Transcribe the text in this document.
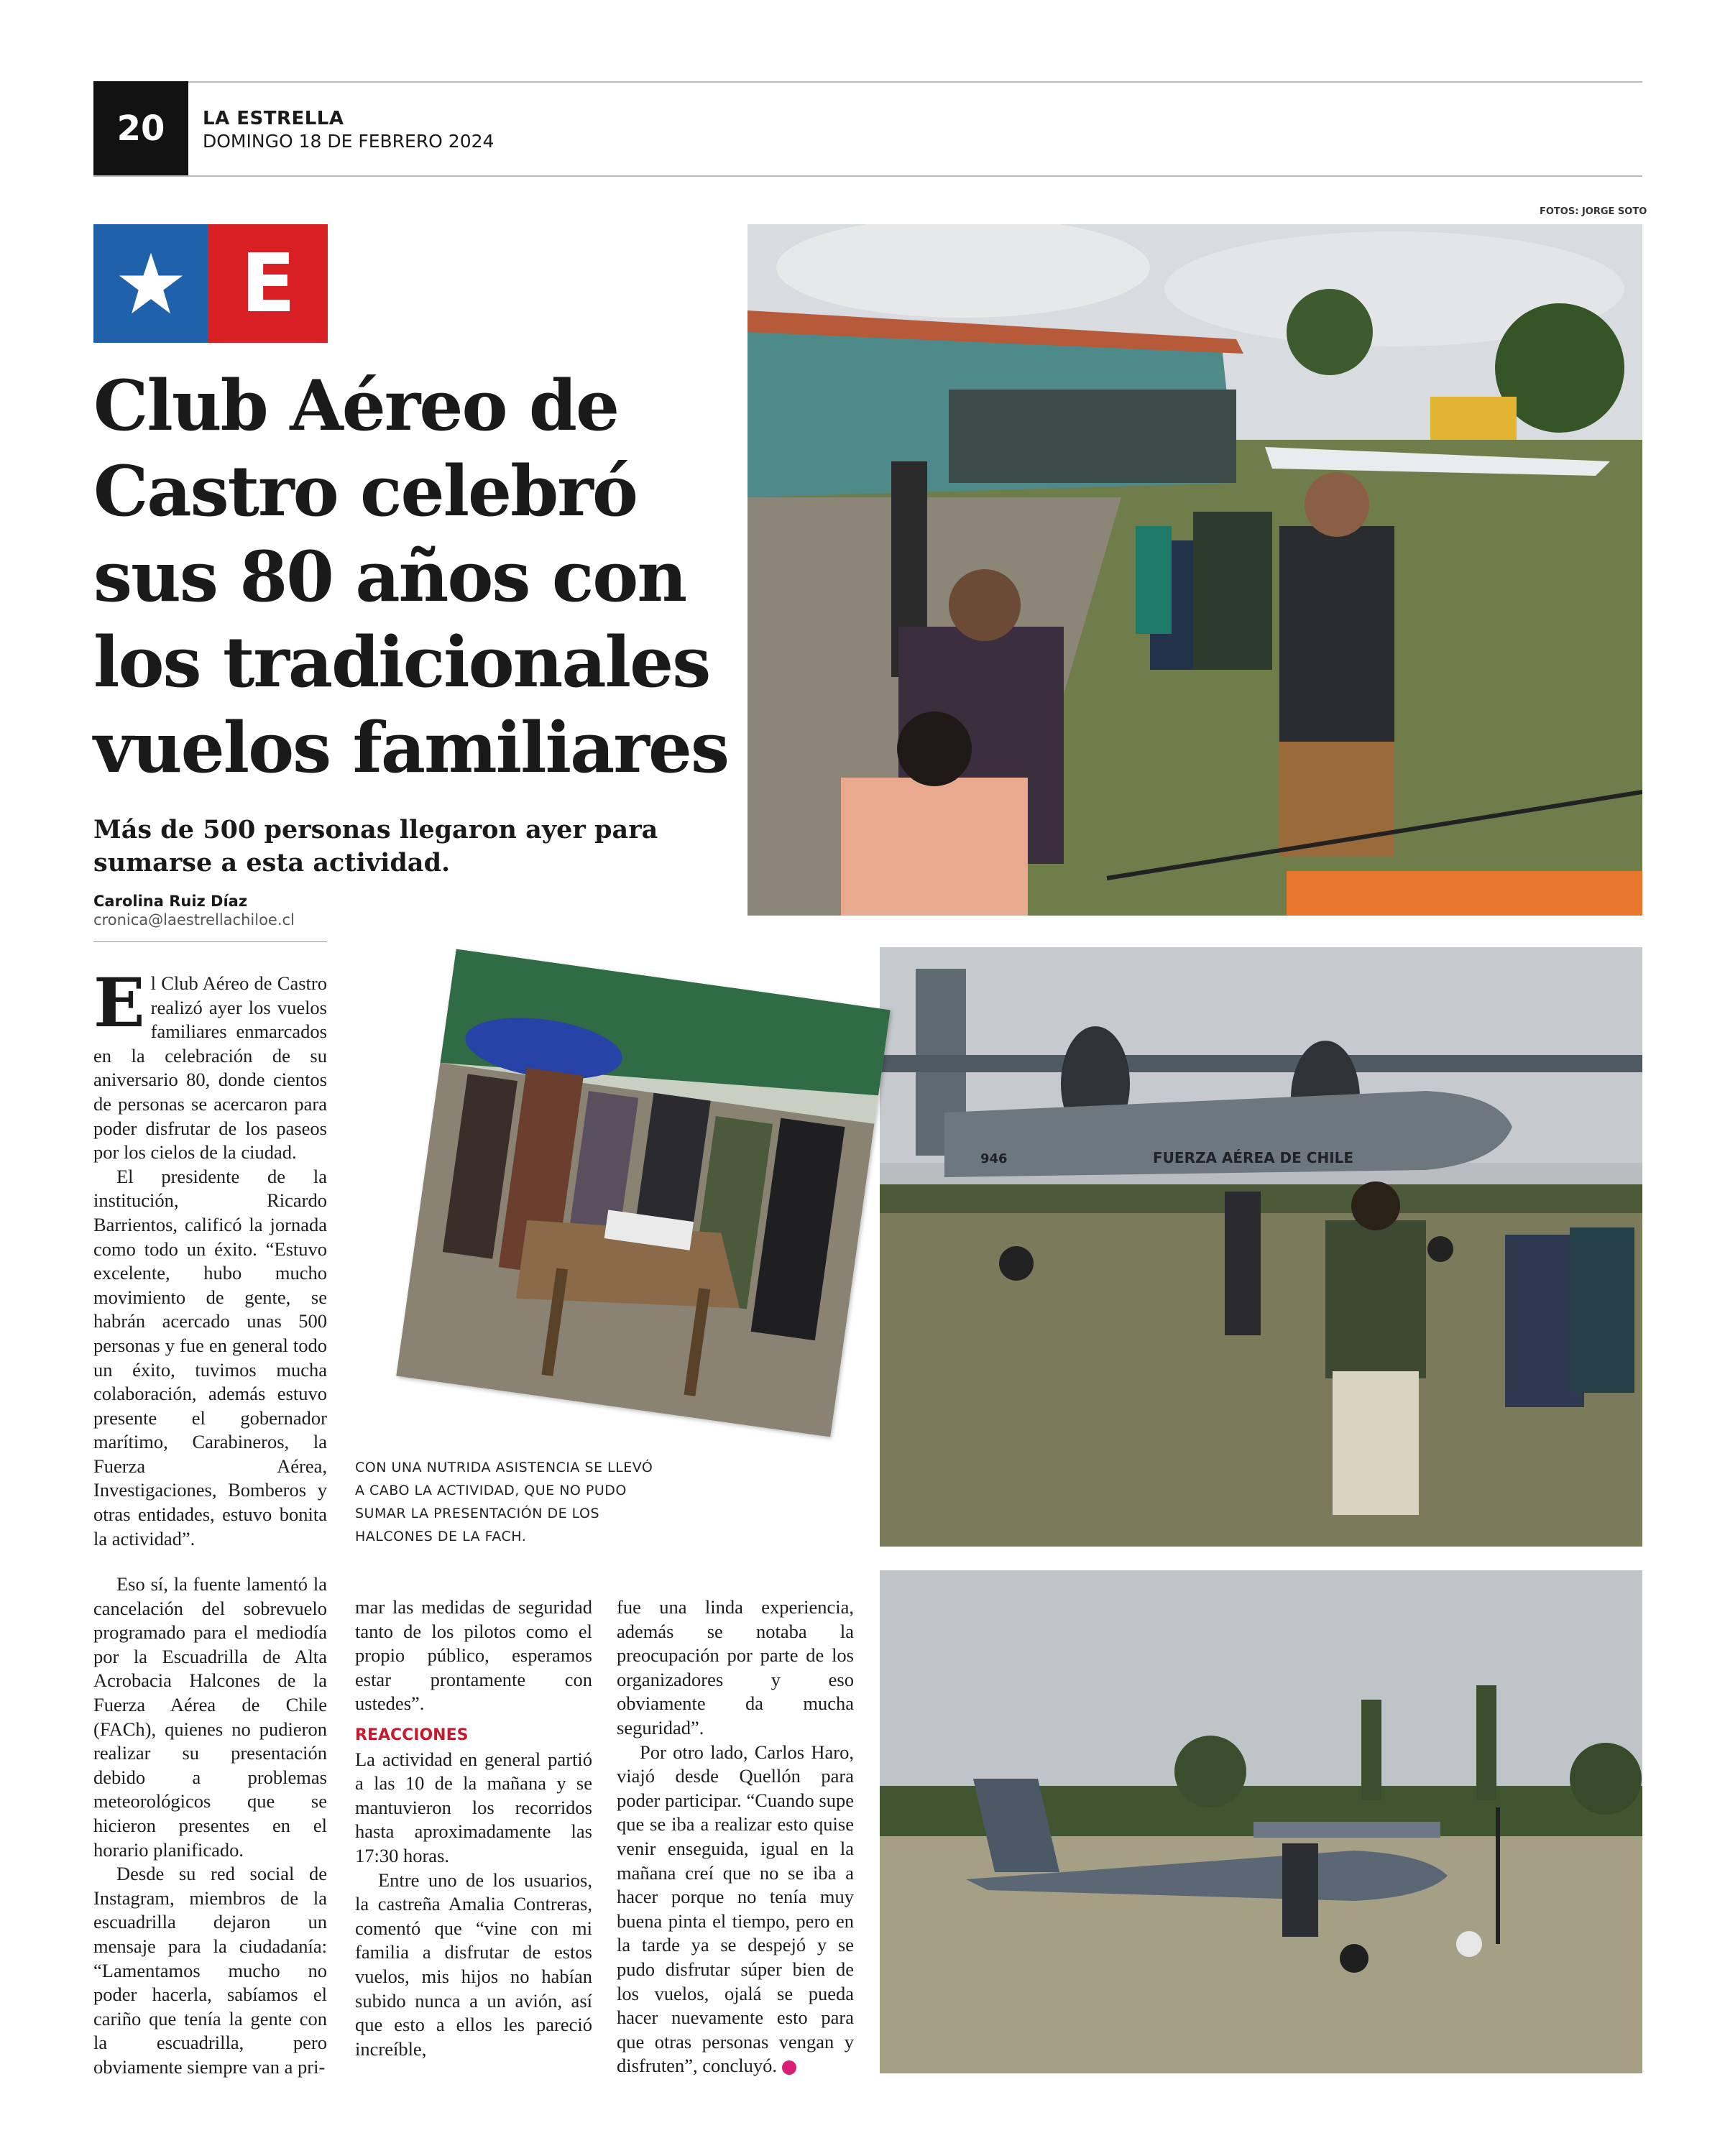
20	LA ESTRELLA
DOMINGO 18 DE FEBRERO 2024
E
Club Aéreo de Castro celebró sus 80 años con los tradicionales vuelos familiares
Más de 500 personas llegaron ayer para sumarse a esta actividad.
Carolina Ruiz Díaz
cronica@laestrellachiloe.cl

El Club Aéreo de Castro realizó ayer los vuelos familiares enmarcados en la celebración de su aniversario 80, donde cientos de personas se acercaron para poder disfrutar de los paseos por los cielos de la ciudad.

El presidente de la institución, Ricardo Barrientos, calificó la jornada como todo un éxito. “Estuvo excelente, hubo mucho movimiento de gente, se habrán acercado unas 500 personas y fue en general todo un éxito, tuvimos mucha colaboración, además estuvo presente el gobernador marítimo, Carabineros, la Fuerza Aérea, Investigaciones, Bomberos y otras entidades, estuvo bonita la actividad”.

Eso sí, la fuente lamentó la cancelación del sobrevuelo programado para el mediodía por la Escuadrilla de Alta Acrobacia Halcones de la Fuerza Aérea de Chile (FACh), quienes no pudieron realizar su presentación debido a problemas meteorológicos que se hicieron presentes en el horario planificado.

Desde su red social de Instagram, miembros de la escuadrilla dejaron un mensaje para la ciudadanía: “Lamentamos mucho no poder hacerla, sabíamos el cariño que tenía la gente con la escuadrilla, pero obviamente siempre van a pri-

mar las medidas de seguridad tanto de los pilotos como el propio público, esperamos estar prontamente con ustedes”.

REACCIONES

La actividad en general partió a las 10 de la mañana y se mantuvieron los recorridos hasta aproximadamente las 17:30 horas.

Entre uno de los usuarios, la castreña Amalia Contreras, comentó que “vine con mi familia a disfrutar de estos vuelos, mis hijos no habían subido nunca a un avión, así que esto a ellos les pareció increíble,

fue una linda experiencia, además se notaba la preocupación por parte de los organizadores y eso obviamente da mucha seguridad”.

Por otro lado, Carlos Haro, viajó desde Quellón para poder participar. “Cuando supe que se iba a realizar esto quise venir enseguida, igual en la mañana creí que no se iba a hacer porque no tenía muy buena pinta el tiempo, pero en la tarde ya se despejó y se pudo disfrutar súper bien de los vuelos, ojalá se pueda hacer nuevamente esto para que otras personas vengan y disfruten”, concluyó.	✪

FOTOS: JORGE SOTO
FUERZA AÉREA DE CHILE
946
CON UNA NUTRIDA ASISTENCIA SE LLEVÓ A CABO LA ACTIVIDAD, QUE NO PUDO SUMAR LA PRESENTACIÓN DE LOS HALCONES DE LA FACH.
